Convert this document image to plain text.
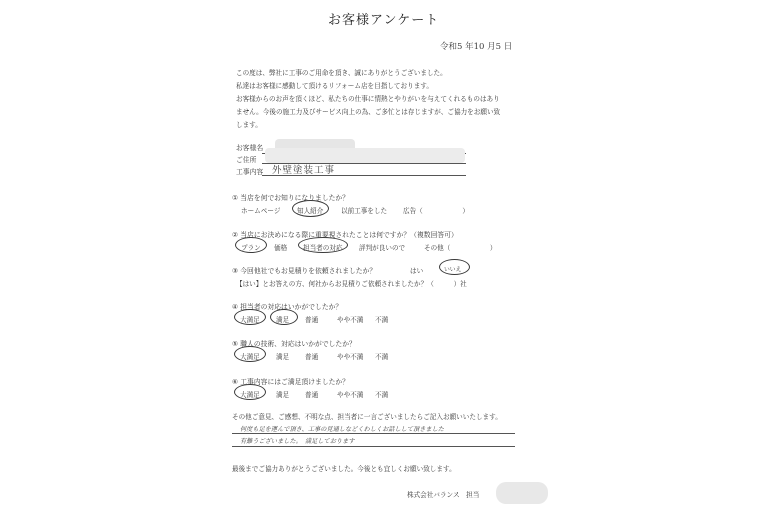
お客様アンケート
令和5 年10 月5 日
この度は、弊社に工事のご用命を頂き、誠にありがとうございました。
私達はお客様に感動して頂けるリフォーム店を目指しております。
お客様からのお声を頂くほど、私たちの仕事に情熱とやりがいを与えてくれるものはあり
ません。今後の施工力及びサービス向上の為、ご多忙とは存じますが、ご協力をお願い致
します。
お客様名
ご住所
工事内容 外壁塗装工事
① 当店を何でお知りになりましたか？
ホームページ	知人紹介	以前工事をした 広告（　　　　　　）
② 当店にお決めになる際に重要視されたことは何ですか？（複数回答可）
プラン 価格 担当者の対応 評判が良いので	その他（　　　　　　）
③ 今回他社でもお見積りを依頼されましたか？	はい	いいえ
【はい】とお答えの方、何社からお見積りご依頼されましたか？（　　　）社
④ 担当者の対応はいかがでしたか？
大満足 満足 普通	やや不満 不満
⑤ 職人の技術、対応はいかがでしたか？
大満足 満足 普通	やや不満 不満
⑥ 工事内容にはご満足頂けましたか？
大満足 満足 普通	やや不満 不満
その他ご意見、ご感想、不明な点、担当者に一言ございましたらご記入お願いいたします。
何度も足を運んで頂き、工事の見通しなどくわしくお話しして頂きました
有難うございました。　満足しております
最後までご協力ありがとうございました。今後とも宜しくお願い致します。
株式会社バランス　担当
